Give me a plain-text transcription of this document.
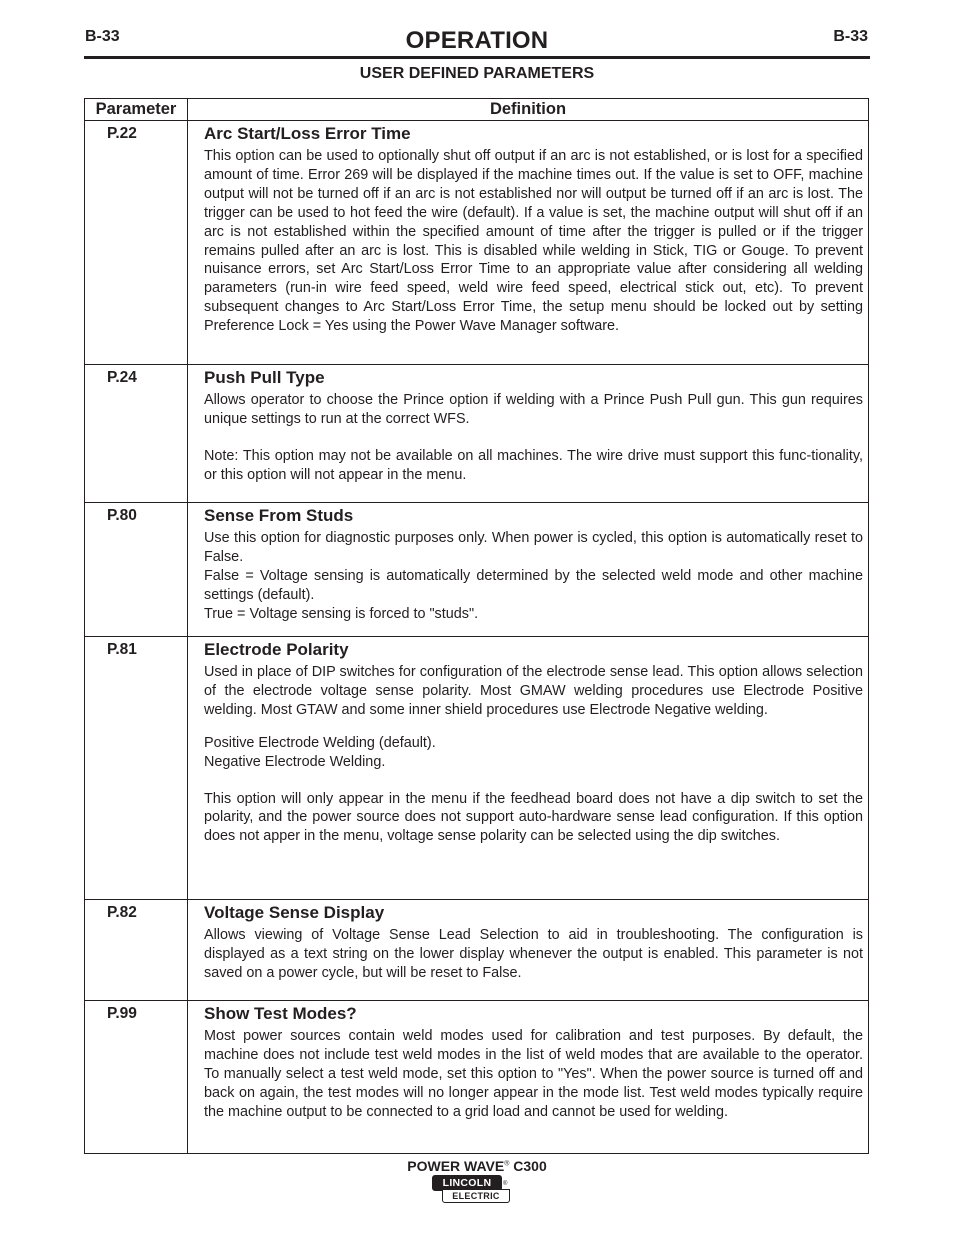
B-33	OPERATION	B-33
USER DEFINED PARAMETERS
Parameter	Definition
P.22	Arc Start/Loss Error Time

This option can be used to optionally shut off output if an arc is not established, or is lost for a specified amount of time. Error 269 will be displayed if the machine times out. If the value is set to OFF, machine output will not be turned off if an arc is not established nor will output be turned off if an arc is lost. The trigger can be used to hot feed the wire (default). If a value is set, the machine output will shut off if an arc is not established within the specified amount of time after the trigger is pulled or if the trigger remains pulled after an arc is lost. This is disabled while welding in Stick, TIG or Gouge. To prevent nuisance errors, set Arc Start/Loss Error Time to an appropriate value after considering all welding parameters (run-in wire feed speed, weld wire feed speed, electrical stick out, etc). To prevent subsequent changes to Arc Start/Loss Error Time, the setup menu should be locked out by setting Preference Lock = Yes using the Power Wave Manager software.

P.24	Push Pull Type

Allows operator to choose the Prince option if welding with a Prince Push Pull gun. This gun requires unique settings to run at the correct WFS.

Note: This option may not be available on all machines. The wire drive must support this func-tionality, or this option will not appear in the menu.

P.80	Sense From Studs

Use this option for diagnostic purposes only. When power is cycled, this option is automatically reset to False.

False = Voltage sensing is automatically determined by the selected weld mode and other machine settings (default).

True = Voltage sensing is forced to "studs".

P.81	Electrode Polarity

Used in place of DIP switches for configuration of the electrode sense lead. This option allows selection of the electrode voltage sense polarity. Most GMAW welding procedures use Electrode Positive welding. Most GTAW and some inner shield procedures use Electrode Negative welding.

Positive Electrode Welding (default).

Negative Electrode Welding.

This option will only appear in the menu if the feedhead board does not have a dip switch to set the polarity, and the power source does not support auto-hardware sense lead configuration. If this option does not apper in the menu, voltage sense polarity can be selected using the dip switches.

P.82	Voltage Sense Display

Allows viewing of Voltage Sense Lead Selection to aid in troubleshooting. The configuration is displayed as a text string on the lower display whenever the output is enabled. This parameter is not saved on a power cycle, but will be reset to False.

P.99	Show Test Modes?

Most power sources contain weld modes used for calibration and test purposes. By default, the machine does not include test weld modes in the list of weld modes that are available to the operator. To manually select a test weld mode, set this option to "Yes". When the power source is turned off and back on again, the test modes will no longer appear in the mode list. Test weld modes typically require the machine output to be connected to a grid load and cannot be used for welding.

POWER WAVE® C300
LINCOLN
ELECTRIC
®
